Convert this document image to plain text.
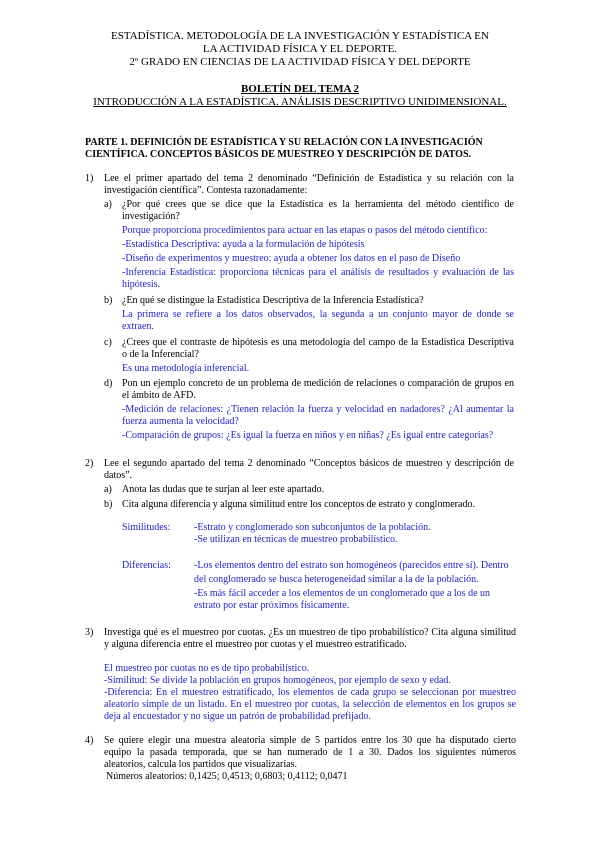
ESTADÍSTICA. METODOLOGÍA DE LA INVESTIGACIÓN Y ESTADÍSTICA EN
LA ACTIVIDAD FÍSICA Y EL DEPORTE.
2º GRADO EN CIENCIAS DE LA ACTIVIDAD FÍSICA Y DEL DEPORTE
BOLETÍN DEL TEMA 2
INTRODUCCIÓN A LA ESTADÍSTICA. ANÁLISIS DESCRIPTIVO UNIDIMENSIONAL.
PARTE 1. DEFINICIÓN DE ESTADÍSTICA Y SU RELACIÓN CON LA INVESTIGACIÓN
CIENTÍFICA. CONCEPTOS BÁSICOS DE MUESTREO Y DESCRIPCIÓN DE DATOS.
1) Lee el primer apartado del tema 2 denominado “Definición de Estadística y su relación con la
investigación científica”. Contesta razonadamente:
a) ¿Por qué crees que se dice que la Estadística es la herramienta del método científico de
investigación?
Porque proporciona procedimientos para actuar en las etapas o pasos del método científico:
-Estadística Descriptiva: ayuda a la formulación de hipótesis
-Diseño de experimentos y muestreo: ayuda a obtener los datos en el paso de Diseño
-Inferencia Estadística: proporciona técnicas para el análisis de resultados y evaluación de las
hipótesis.
b) ¿En qué se distingue la Estadística Descriptiva de la Inferencia Estadística?
La primera se refiere a los datos observados, la segunda a un conjunto mayor de donde se
extraen.
c) ¿Crees que el contraste de hipótesis es una metodología del campo de la Estadística Descriptiva
o de la Inferencial?
Es una metodología inferencial.
d) Pon un ejemplo concreto de un problema de medición de relaciones o comparación de grupos en
el ámbito de AFD.
-Medición de relaciones: ¿Tienen relación la fuerza y velocidad en nadadores? ¿Al aumentar la
fuerza aumenta la velocidad?
-Comparación de grupos: ¿Es igual la fuerza en niños y en niñas? ¿Es igual entre categorías?
2) Lee el segundo apartado del tema 2 denominado “Conceptos básicos de muestreo y descripción de
datos”.
a) Anota las dudas que te surjan al leer este apartado.
b) Cita alguna diferencia y alguna similitud entre los conceptos de estrato y conglomerado.
Similitudes: -Estrato y conglomerado son subconjuntos de la población.
-Se utilizan en técnicas de muestreo probabilístico.
Diferencias: -Los elementos dentro del estrato son homogéneos (parecidos entre sí). Dentro
del conglomerado se busca heterogeneidad similar a la de la población.
-Es más fácil acceder a los elementos de un conglomerado que a los de un
estrato por estar próximos físicamente.
3) Investiga qué es el muestreo por cuotas. ¿Es un muestreo de tipo probabilístico? Cita alguna similitud
y alguna diferencia entre el muestreo por cuotas y el muestreo estratificado.
El muestreo por cuotas no es de tipo probabilístico.
-Similitud: Se divide la población en grupos homogéneos, por ejemplo de sexo y edad.
-Diferencia: En el muestreo estratificado, los elementos de cada grupo se seleccionan por muestreo
aleatorio simple de un listado. En el muestreo por cuotas, la selección de elementos en los grupos se
deja al encuestador y no sigue un patrón de probabilidad prefijado.
4) Se quiere elegir una muestra aleatoria simple de 5 partidos entre los 30 que ha disputado cierto
equipo la pasada temporada, que se han numerado de 1 a 30. Dados los siguientes números
aleatorios, calcula los partidos que visualizarías.
Números aleatorios: 0,1425; 0,4513; 0,6803; 0,4112; 0,0471
